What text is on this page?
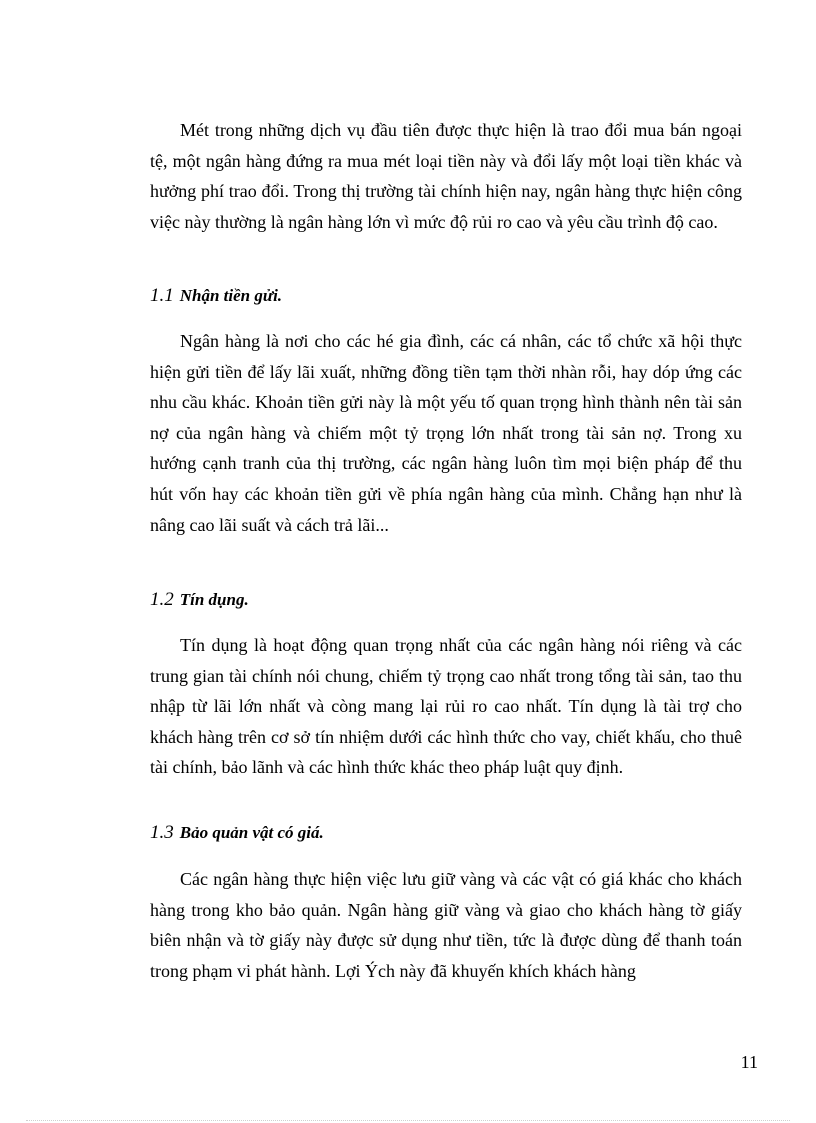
Mét trong những dịch vụ đầu tiên được thực hiện là trao đổi mua bán ngoại tệ, một ngân hàng đứng ra mua mét loại tiền này và đổi lấy một loại tiền khác và hưởng phí trao đổi. Trong thị trường tài chính hiện nay, ngân hàng thực hiện công việc này thường là ngân hàng lớn vì mức độ rủi ro cao và yêu cầu trình độ cao.

1.1 Nhận tiền gửi.

Ngân hàng là nơi cho các hé gia đình, các cá nhân, các tổ chức xã hội thực hiện gửi tiền để lấy lãi xuất, những đồng tiền tạm thời nhàn rỗi, hay dóp ứng các nhu cầu khác. Khoản tiền gửi này là một yếu tố quan trọng hình thành nên tài sản nợ của ngân hàng và chiếm một tỷ trọng lớn nhất trong tài sản nợ. Trong xu hướng cạnh tranh của thị trường, các ngân hàng luôn tìm mọi biện pháp để thu hút vốn hay các khoản tiền gửi về phía ngân hàng của mình. Chẳng hạn như là nâng cao lãi suất và cách trả lãi...

1.2 Tín dụng.

Tín dụng là hoạt động quan trọng nhất của các ngân hàng nói riêng và các trung gian tài chính nói chung, chiếm tỷ trọng cao nhất trong tổng tài sản, tao thu nhập từ lãi lớn nhất và còng mang lại rủi ro cao nhất. Tín dụng là tài trợ cho khách hàng trên cơ sở tín nhiệm dưới các hình thức cho vay, chiết khấu, cho thuê tài chính, bảo lãnh và các hình thức khác theo pháp luật quy định.

1.3 Bảo quản vật có giá.

Các ngân hàng thực hiện việc lưu giữ vàng và các vật có giá khác cho khách hàng trong kho bảo quản. Ngân hàng giữ vàng và giao cho khách hàng tờ giấy biên nhận và tờ giấy này được sử dụng như tiền, tức là được dùng để thanh toán trong phạm vi phát hành. Lợi Ých này đã khuyến khích khách hàng

11
